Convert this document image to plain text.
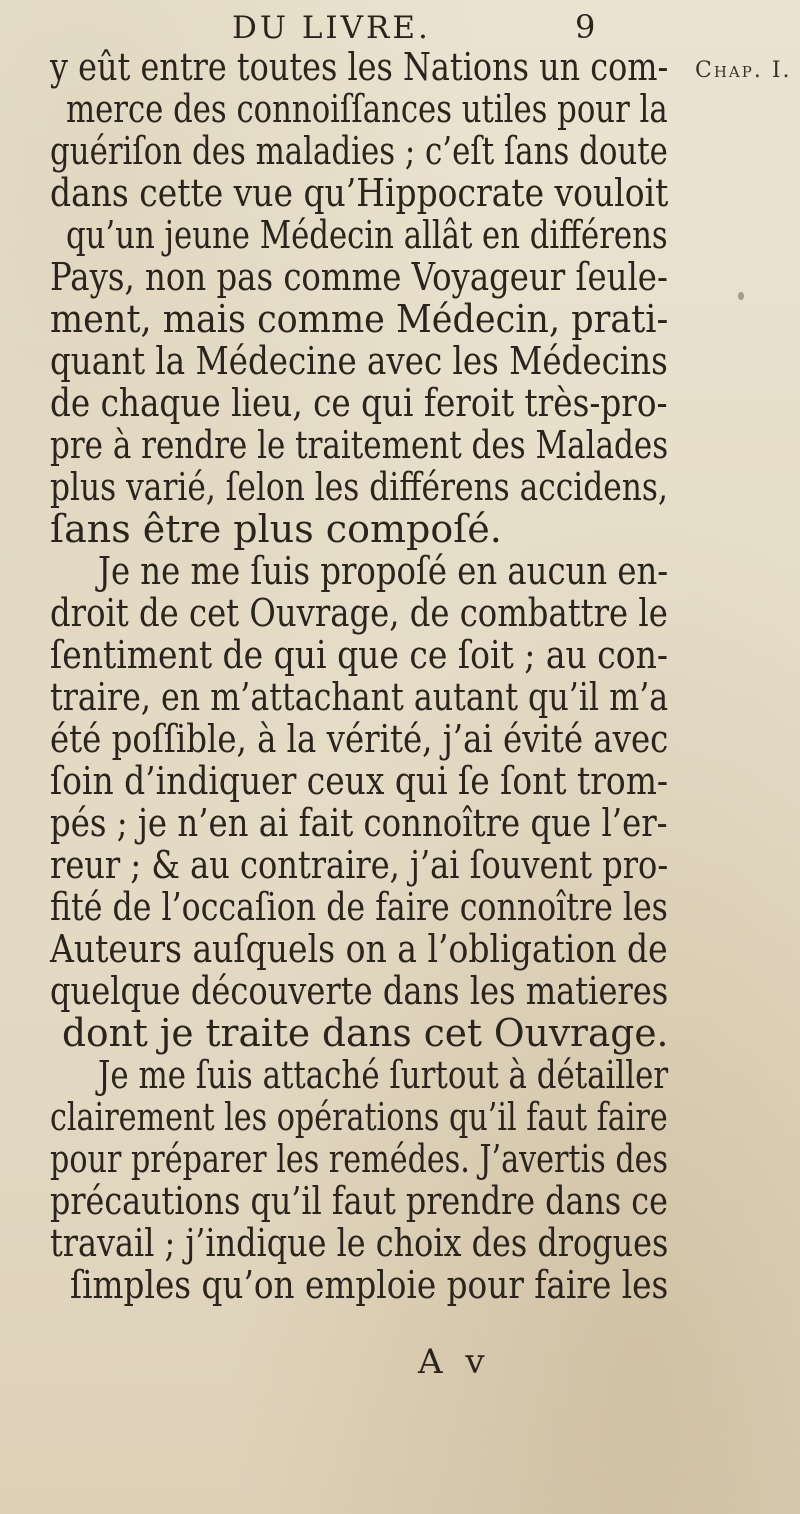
DU LIVRE.	9
Chap. I.
y eût entre toutes les Nations un com-
merce des connoiſſances utiles pour la
guériſon des maladies ; c’eſt ſans doute
dans cette vue qu’Hippocrate vouloit
qu’un jeune Médecin allât en différens
Pays, non pas comme Voyageur ſeule-
ment, mais comme Médecin, prati-
quant la Médecine avec les Médecins
de chaque lieu, ce qui feroit très-pro-
pre à rendre le traitement des Malades
plus varié, ſelon les différens accidens,
ſans être plus compoſé.
Je ne me ſuis propoſé en aucun en-
droit de cet Ouvrage, de combattre le
ſentiment de qui que ce ſoit ; au con-
traire, en m’attachant autant qu’il m’a
été poſſible, à la vérité, j’ai évité avec
ſoin d’indiquer ceux qui ſe ſont trom-
pés ; je n’en ai fait connoître que l’er-
reur ; & au contraire, j’ai ſouvent pro-
fité de l’occaſion de faire connoître les
Auteurs auſquels on a l’obligation de
quelque découverte dans les matieres
dont je traite dans cet Ouvrage.
Je me ſuis attaché ſurtout à détailler
clairement les opérations qu’il faut faire
pour préparer les remédes. J’avertis des
précautions qu’il faut prendre dans ce
travail ; j’indique le choix des drogues
ſimples qu’on emploie pour faire les
A v
